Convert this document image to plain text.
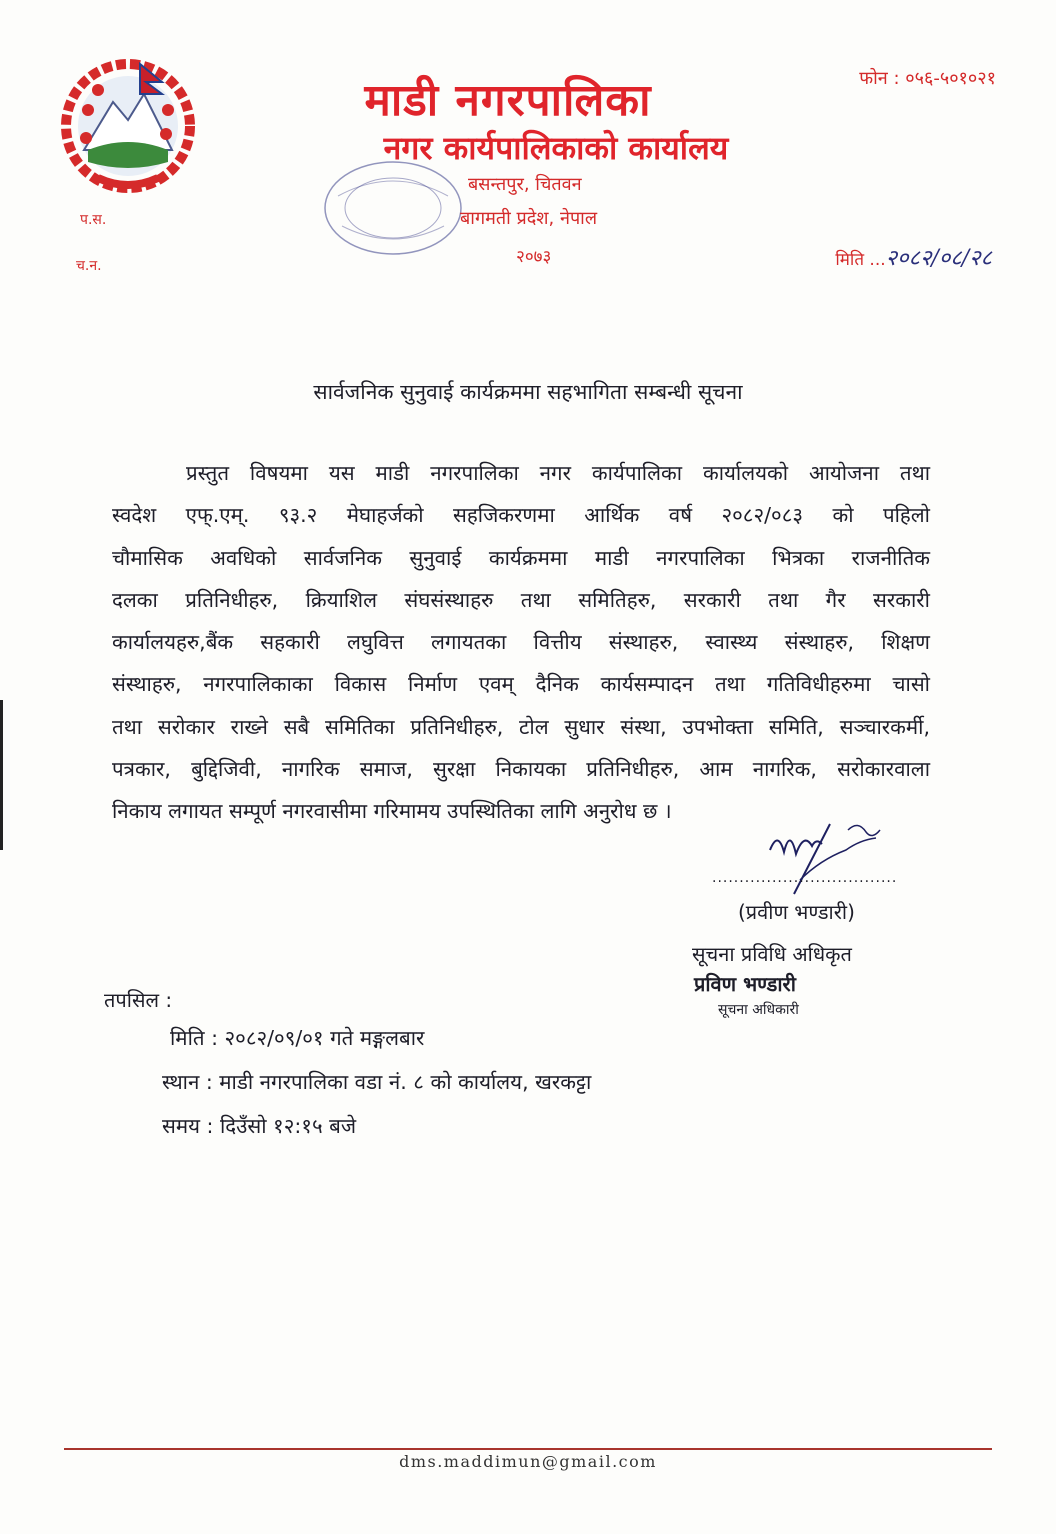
माडी नगरपालिका
नगर कार्यपालिकाको कार्यालय
फोन : ०५६-५०१०२१
बसन्तपुर, चितवन
बागमती प्रदेश, नेपाल
२०७३
प.स.
च.न.	मिति ...२०८२/०८/२८
सार्वजनिक सुनुवाई कार्यक्रममा सहभागिता सम्बन्धी सूचना

प्रस्तुत विषयमा यस माडी नगरपालिका नगर कार्यपालिका कार्यालयको आयोजना तथा
स्वदेश एफ्.एम्. ९३.२ मेघाहर्जको सहजिकरणमा आर्थिक वर्ष २०८२/०८३ को पहिलो
चौमासिक अवधिको सार्वजनिक सुनुवाई कार्यक्रममा माडी नगरपालिका भित्रका राजनीतिक
दलका प्रतिनिधीहरु, क्रियाशिल संघसंस्थाहरु तथा समितिहरु, सरकारी तथा गैर सरकारी
कार्यालयहरु,बैंक सहकारी लघुवित्त लगायतका वित्तीय संस्थाहरु, स्वास्थ्य संस्थाहरु, शिक्षण
संस्थाहरु, नगरपालिकाका विकास निर्माण एवम् दैनिक कार्यसम्पादन तथा गतिविधीहरुमा चासो
तथा सरोकार राख्ने सबै समितिका प्रतिनिधीहरु, टोल सुधार संस्था, उपभोक्ता समिति, सञ्चारकर्मी,
पत्रकार, बुद्दिजिवी, नागरिक समाज, सुरक्षा निकायका प्रतिनिधीहरु, आम नागरिक, सरोकारवाला
निकाय लगायत सम्पूर्ण नगरवासीमा गरिमामय उपस्थितिका लागि अनुरोध छ ।

..................................
(प्रवीण भण्डारी)
सूचना प्रविधि अधिकृत
प्रविण भण्डारी
सूचना अधिकारी
तपसिल :
मिति : २०८२/०९/०१ गते मङ्गलबार
स्थान : माडी नगरपालिका वडा नं. ८ को कार्यालय, खरकट्टा
समय : दिउँसो १२:१५ बजे
dms.maddimun@gmail.com
